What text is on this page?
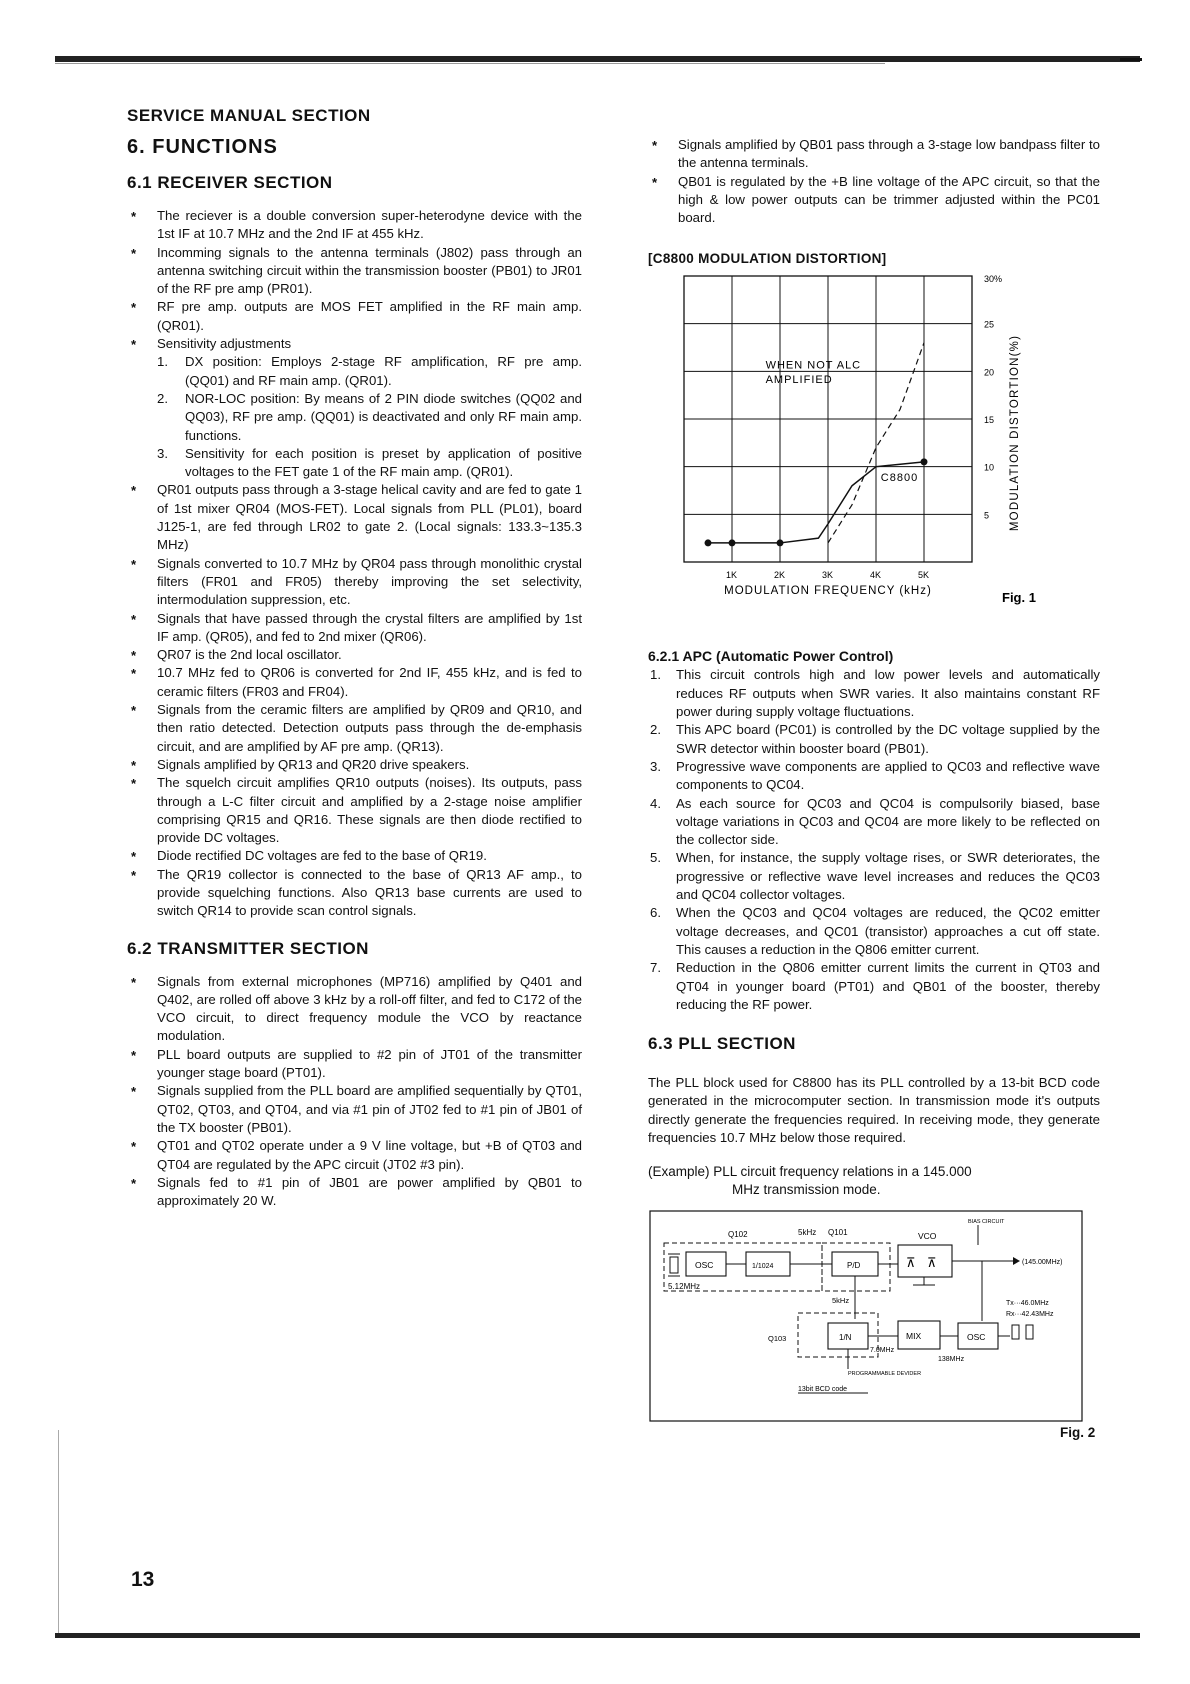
SERVICE MANUAL SECTION
6. FUNCTIONS
6.1 RECEIVER SECTION
* The reciever is a double conversion super-heterodyne device with the 1st IF at 10.7 MHz and the 2nd IF at 455 kHz.
* Incomming signals to the antenna terminals (J802) pass through an antenna switching circuit within the transmission booster (PB01) to JR01 of the RF pre amp (PR01).
* RF pre amp. outputs are MOS FET amplified in the RF main amp. (QR01).
* Sensitivity adjustments
1. DX position: Employs 2-stage RF amplification, RF pre amp. (QQ01) and RF main amp. (QR01).
2. NOR-LOC position: By means of 2 PIN diode switches (QQ02 and QQ03), RF pre amp. (QQ01) is deactivated and only RF main amp. functions.
3. Sensitivity for each position is preset by application of positive voltages to the FET gate 1 of the RF main amp. (QR01).
* QR01 outputs pass through a 3-stage helical cavity and are fed to gate 1 of 1st mixer QR04 (MOS-FET). Local signals from PLL (PL01), board J125-1, are fed through LR02 to gate 2. (Local signals: 133.3~135.3 MHz)
* Signals converted to 10.7 MHz by QR04 pass through monolithic crystal filters (FR01 and FR05) thereby improving the set selectivity, intermodulation suppression, etc.
* Signals that have passed through the crystal filters are amplified by 1st IF amp. (QR05), and fed to 2nd mixer (QR06).
* QR07 is the 2nd local oscillator.
* 10.7 MHz fed to QR06 is converted for 2nd IF, 455 kHz, and is fed to ceramic filters (FR03 and FR04).
* Signals from the ceramic filters are amplified by QR09 and QR10, and then ratio detected. Detection outputs pass through the de-emphasis circuit, and are amplified by AF pre amp. (QR13).
* Signals amplified by QR13 and QR20 drive speakers.
* The squelch circuit amplifies QR10 outputs (noises). Its outputs, pass through a L-C filter circuit and amplified by a 2-stage noise amplifier comprising QR15 and QR16. These signals are then diode rectified to provide DC voltages.
* Diode rectified DC voltages are fed to the base of QR19.
* The QR19 collector is connected to the base of QR13 AF amp., to provide squelching functions. Also QR13 base currents are used to switch QR14 to provide scan control signals.
6.2 TRANSMITTER SECTION
* Signals from external microphones (MP716) amplified by Q401 and Q402, are rolled off above 3 kHz by a roll-off filter, and fed to C172 of the VCO circuit, to direct frequency module the VCO by reactance modulation.
* PLL board outputs are supplied to #2 pin of JT01 of the transmitter younger stage board (PT01).
* Signals supplied from the PLL board are amplified sequentially by QT01, QT02, QT03, and QT04, and via #1 pin of JT02 fed to #1 pin of JB01 of the TX booster (PB01).
* QT01 and QT02 operate under a 9 V line voltage, but +B of QT03 and QT04 are regulated by the APC circuit (JT02 #3 pin).
* Signals fed to #1 pin of JB01 are power amplified by QB01 to approximately 20 W.
* Signals amplified by QB01 pass through a 3-stage low bandpass filter to the antenna terminals.
* QB01 is regulated by the +B line voltage of the APC circuit, so that the high & low power outputs can be trimmer adjusted within the PC01 board.
[C8800 MODULATION DISTORTION]
1K	2K	3K	4K	5K
5
10
15
20
25
30%
MODULATION FREQUENCY (kHz)
MODULATION DISTORTION(%)
WHEN NOT ALC
AMPLIFIED
C8800
Fig. 1
6.2.1 APC (Automatic Power Control)
1. This circuit controls high and low power levels and automatically reduces RF outputs when SWR varies. It also maintains constant RF power during supply voltage fluctuations.
2. This APC board (PC01) is controlled by the DC voltage supplied by the SWR detector within booster board (PB01).
3. Progressive wave components are applied to QC03 and reflective wave components to QC04.
4. As each source for QC03 and QC04 is compulsorily biased, base voltage variations in QC03 and QC04 are more likely to be reflected on the collector side.
5. When, for instance, the supply voltage rises, or SWR deteriorates, the progressive or reflective wave level increases and reduces the QC03 and QC04 collector voltages.
6. When the QC03 and QC04 voltages are reduced, the QC02 emitter voltage decreases, and QC01 (transistor) approaches a cut off state. This causes a reduction in the Q806 emitter current.
7. Reduction in the Q806 emitter current limits the current in QT03 and QT04 in younger board (PT01) and QB01 of the booster, thereby reducing the RF power.
6.3 PLL SECTION

The PLL block used for C8800 has its PLL controlled by a 13-bit BCD code generated in the microcomputer section. In transmission mode it's outputs directly generate the frequencies required. In receiving mode, they generate frequencies 10.7 MHz below those required.

(Example) PLL circuit frequency relations in a 145.000
MHz transmission mode.
Q102	5kHz Q101	VCO
BIAS CIRCUIT
OSC	1/1024	P/D
5.12MHz
⊼ ⊼	(145.00MHz)
5kHz	Tx···46.0MHz
Rx···42.43MHz
Q103	1/N
7.0MHz
MIX	OSC
138MHz
PROGRAMMABLE DEVIDER
13bit BCD code
Fig. 2
13
